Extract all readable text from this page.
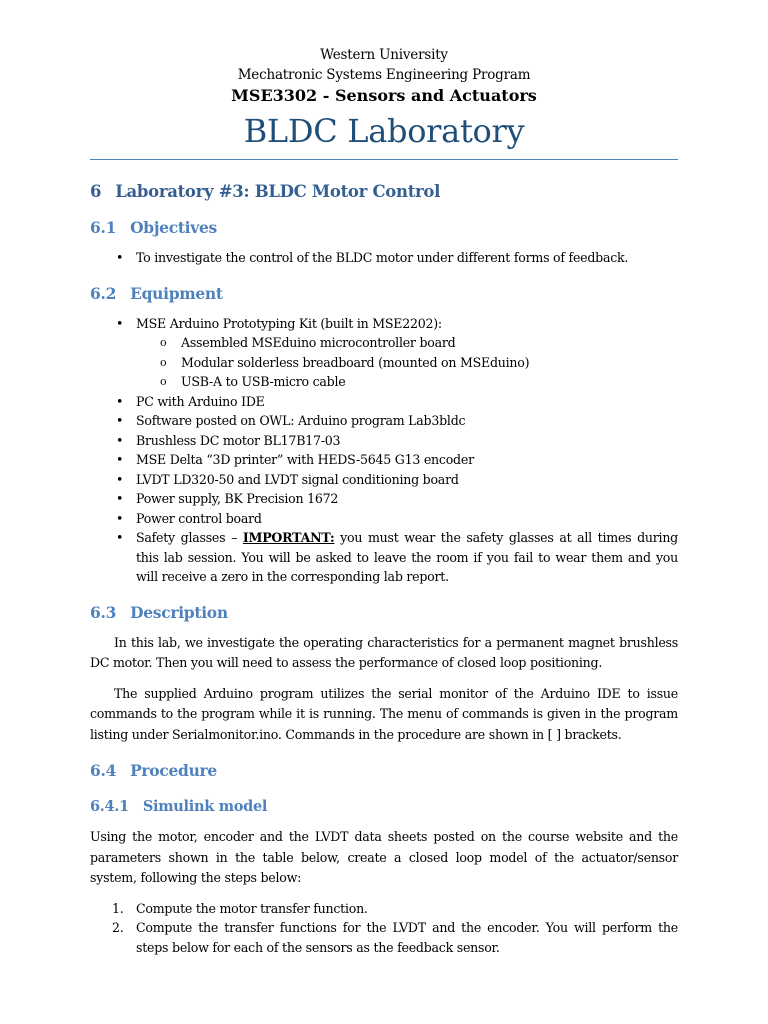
Western University
Mechatronic Systems Engineering Program
MSE3302 - Sensors and Actuators
BLDC Laboratory
6 Laboratory #3: BLDC Motor Control
6.1 Objectives
• To investigate the control of the BLDC motor under different forms of feedback.
6.2 Equipment
• MSE Arduino Prototyping Kit (built in MSE2202):
o Assembled MSEduino microcontroller board
o Modular solderless breadboard (mounted on MSEduino)
o USB-A to USB-micro cable
• PC with Arduino IDE
• Software posted on OWL: Arduino program Lab3bldc
• Brushless DC motor BL17B17-03
• MSE Delta “3D printer” with HEDS-5645 G13 encoder
• LVDT LD320-50 and LVDT signal conditioning board
• Power supply, BK Precision 1672
• Power control board
• Safety glasses – IMPORTANT: you must wear the safety glasses at all times during this lab session. You will be asked to leave the room if you fail to wear them and you will receive a zero in the corresponding lab report.
6.3 Description

In this lab, we investigate the operating characteristics for a permanent magnet brushless DC motor. Then you will need to assess the performance of closed loop positioning.

The supplied Arduino program utilizes the serial monitor of the Arduino IDE to issue commands to the program while it is running. The menu of commands is given in the program listing under Serialmonitor.ino. Commands in the procedure are shown in [ ] brackets.

6.4 Procedure
6.4.1 Simulink model

Using the motor, encoder and the LVDT data sheets posted on the course website and the parameters shown in the table below, create a closed loop model of the actuator/sensor system, following the steps below:

1. Compute the motor transfer function.
2. Compute the transfer functions for the LVDT and the encoder. You will perform the steps below for each of the sensors as the feedback sensor.
